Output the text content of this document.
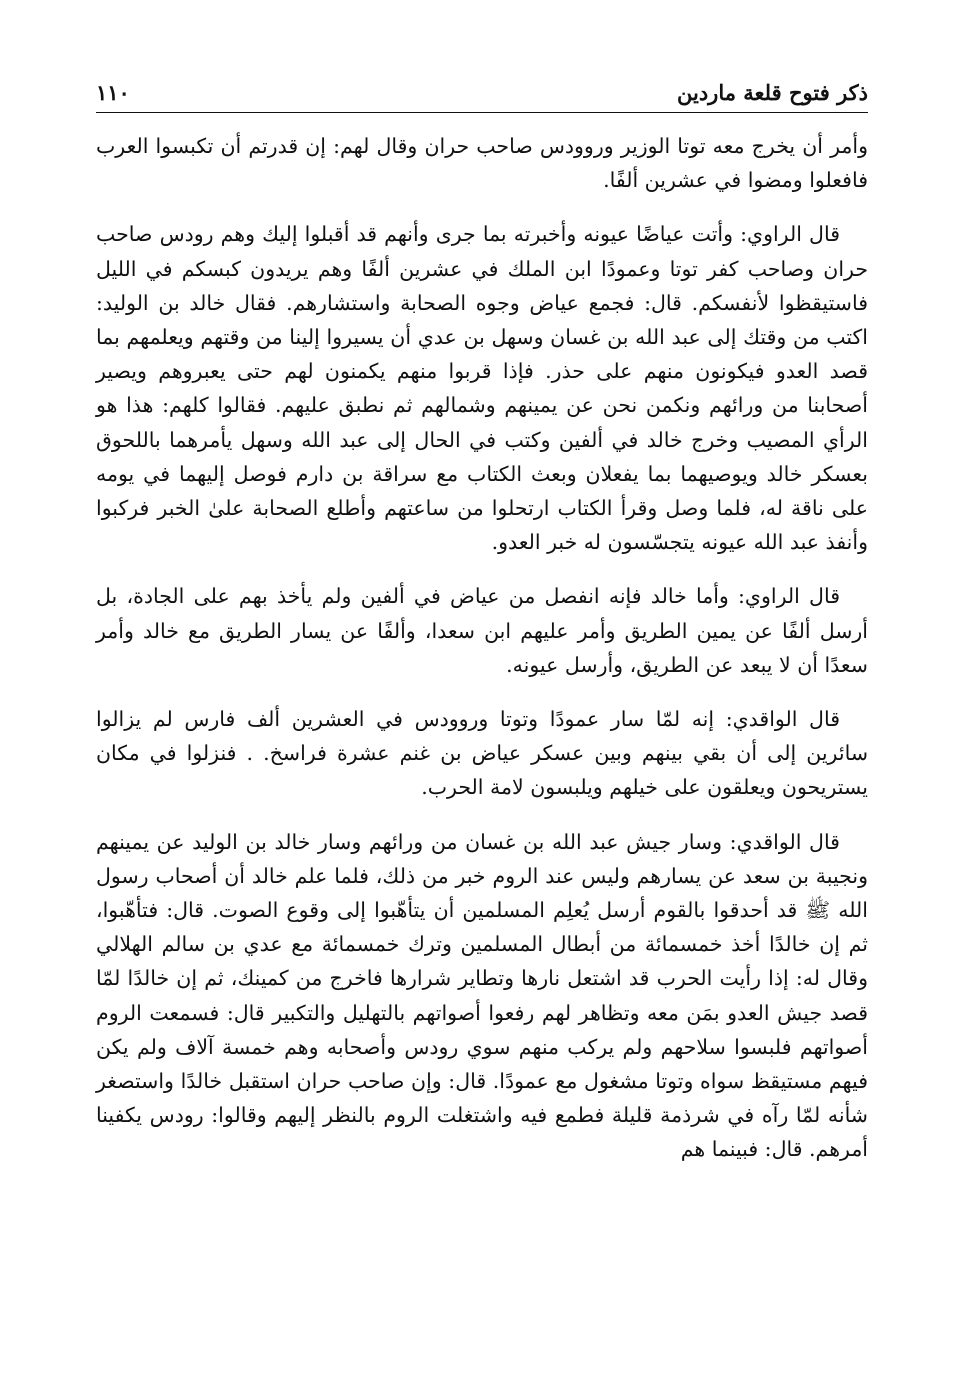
ذكر فتوح قلعة ماردين
١١٠

وأمر أن يخرج معه توتا الوزير وروودس صاحب حران وقال لهم: إن قدرتم أن تكبسوا العرب فافعلوا ومضوا في عشرين ألفًا.

قال الراوي: وأتت عياضًا عيونه وأخبرته بما جرى وأنهم قد أقبلوا إليك وهم رودس صاحب حران وصاحب كفر توتا وعمودًا ابن الملك في عشرين ألفًا وهم يريدون كبسكم في الليل فاستيقظوا لأنفسكم. قال: فجمع عياض وجوه الصحابة واستشارهم. فقال خالد بن الوليد: اكتب من وقتك إلى عبد الله بن غسان وسهل بن عدي أن يسيروا إلينا من وقتهم ويعلمهم بما قصد العدو فيكونون منهم على حذر. فإذا قربوا منهم يكمنون لهم حتى يعبروهم ويصير أصحابنا من ورائهم ونكمن نحن عن يمينهم وشمالهم ثم نطبق عليهم. فقالوا كلهم: هذا هو الرأي المصيب وخرج خالد في ألفين وكتب في الحال إلى عبد الله وسهل يأمرهما باللحوق بعسكر خالد ويوصيهما بما يفعلان وبعث الكتاب مع سراقة بن دارم فوصل إليهما في يومه على ناقة له، فلما وصل وقرأ الكتاب ارتحلوا من ساعتهم وأطلع الصحابة علىٰ الخبر فركبوا وأنفذ عبد الله عيونه يتجسّسون له خبر العدو.

قال الراوي: وأما خالد فإنه انفصل من عياض في ألفين ولم يأخذ بهم على الجادة، بل أرسل ألفًا عن يمين الطريق وأمر عليهم ابن سعدا، وألفًا عن يسار الطريق مع خالد وأمر سعدًا أن لا يبعد عن الطريق، وأرسل عيونه.

قال الواقدي: إنه لمّا سار عمودًا وتوتا وروودس في العشرين ألف فارس لم يزالوا سائرين إلى أن بقي بينهم وبين عسكر عياض بن غنم عشرة فراسخ. . فنزلوا في مكان يستريحون ويعلقون على خيلهم ويلبسون لامة الحرب.

قال الواقدي: وسار جيش عبد الله بن غسان من ورائهم وسار خالد بن الوليد عن يمينهم ونجيبة بن سعد عن يسارهم وليس عند الروم خبر من ذلك، فلما علم خالد أن أصحاب رسول الله ﷺ قد أحدقوا بالقوم أرسل يُعلِم المسلمين أن يتأهّبوا إلى وقوع الصوت. قال: فتأهّبوا، ثم إن خالدًا أخذ خمسمائة من أبطال المسلمين وترك خمسمائة مع عدي بن سالم الهلالي وقال له: إذا رأيت الحرب قد اشتعل نارها وتطاير شرارها فاخرج من كمينك، ثم إن خالدًا لمّا قصد جيش العدو بمَن معه وتظاهر لهم رفعوا أصواتهم بالتهليل والتكبير قال: فسمعت الروم أصواتهم فلبسوا سلاحهم ولم يركب منهم سوي رودس وأصحابه وهم خمسة آلاف ولم يكن فيهم مستيقظ سواه وتوتا مشغول مع عمودًا. قال: وإن صاحب حران استقبل خالدًا واستصغر شأنه لمّا رآه في شرذمة قليلة فطمع فيه واشتغلت الروم بالنظر إليهم وقالوا: رودس يكفينا أمرهم. قال: فبينما هم
